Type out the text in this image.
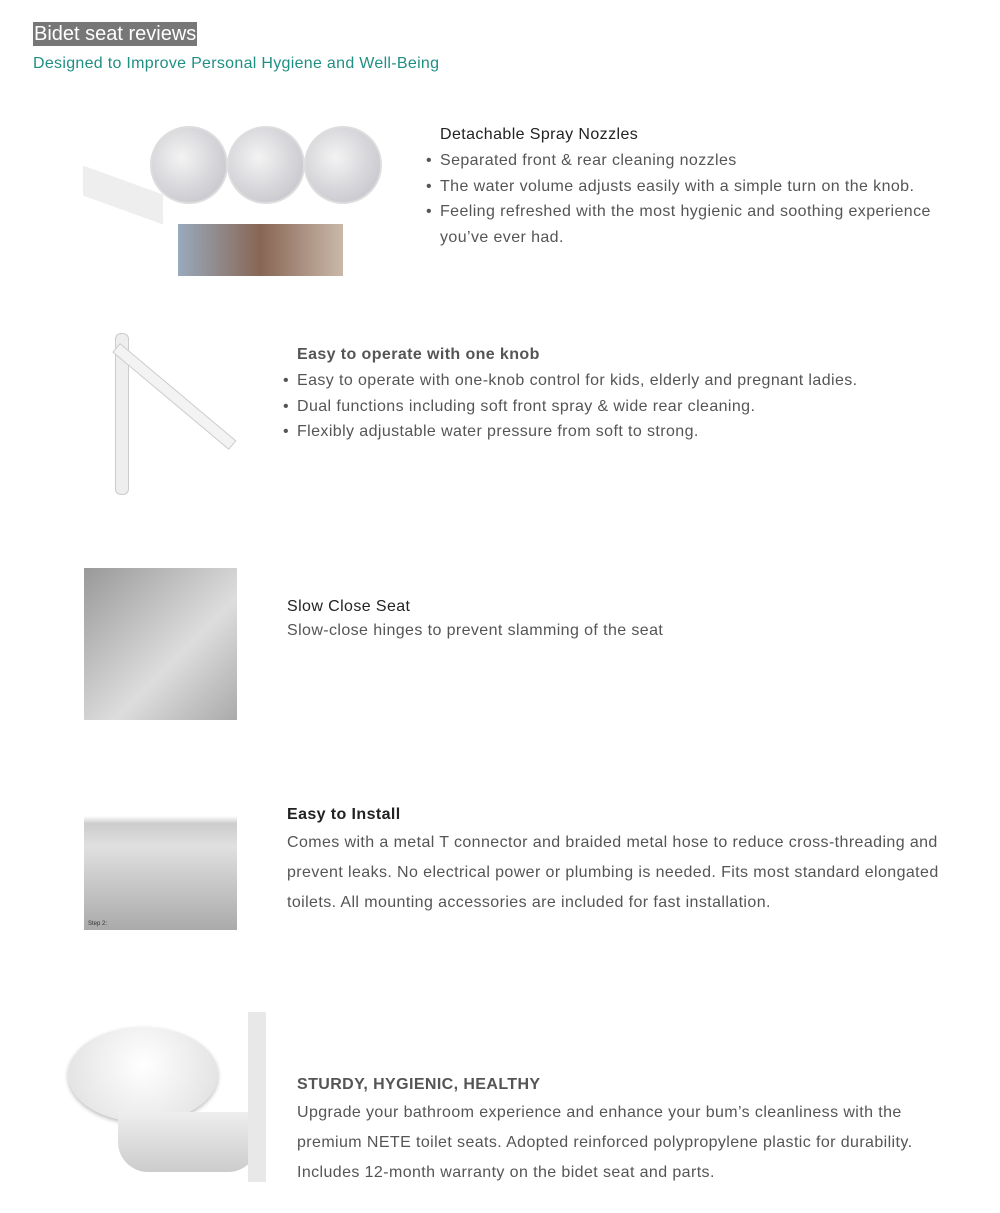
Bidet seat reviews
Designed to Improve Personal Hygiene and Well-Being
Detachable Spray Nozzles
• Separated front & rear cleaning nozzles
• The water volume adjusts easily with a simple turn on the knob.
• Feeling refreshed with the most hygienic and soothing experience you’ve ever had.
Easy to operate with one knob
• Easy to operate with one-knob control for kids, elderly and pregnant ladies.
• Dual functions including soft front spray & wide rear cleaning.
• Flexibly adjustable water pressure from soft to strong.
Slow Close Seat

Slow-close hinges to prevent slamming of the seat

Step 2:
Easy to Install

Comes with a metal T connector and braided metal hose to reduce cross-threading and prevent leaks. No electrical power or plumbing is needed. Fits most standard elongated toilets. All mounting accessories are included for fast installation.

STURDY, HYGIENIC, HEALTHY

Upgrade your bathroom experience and enhance your bum’s cleanliness with the premium NETE toilet seats. Adopted reinforced polypropylene plastic for durability. Includes 12-month warranty on the bidet seat and parts.
